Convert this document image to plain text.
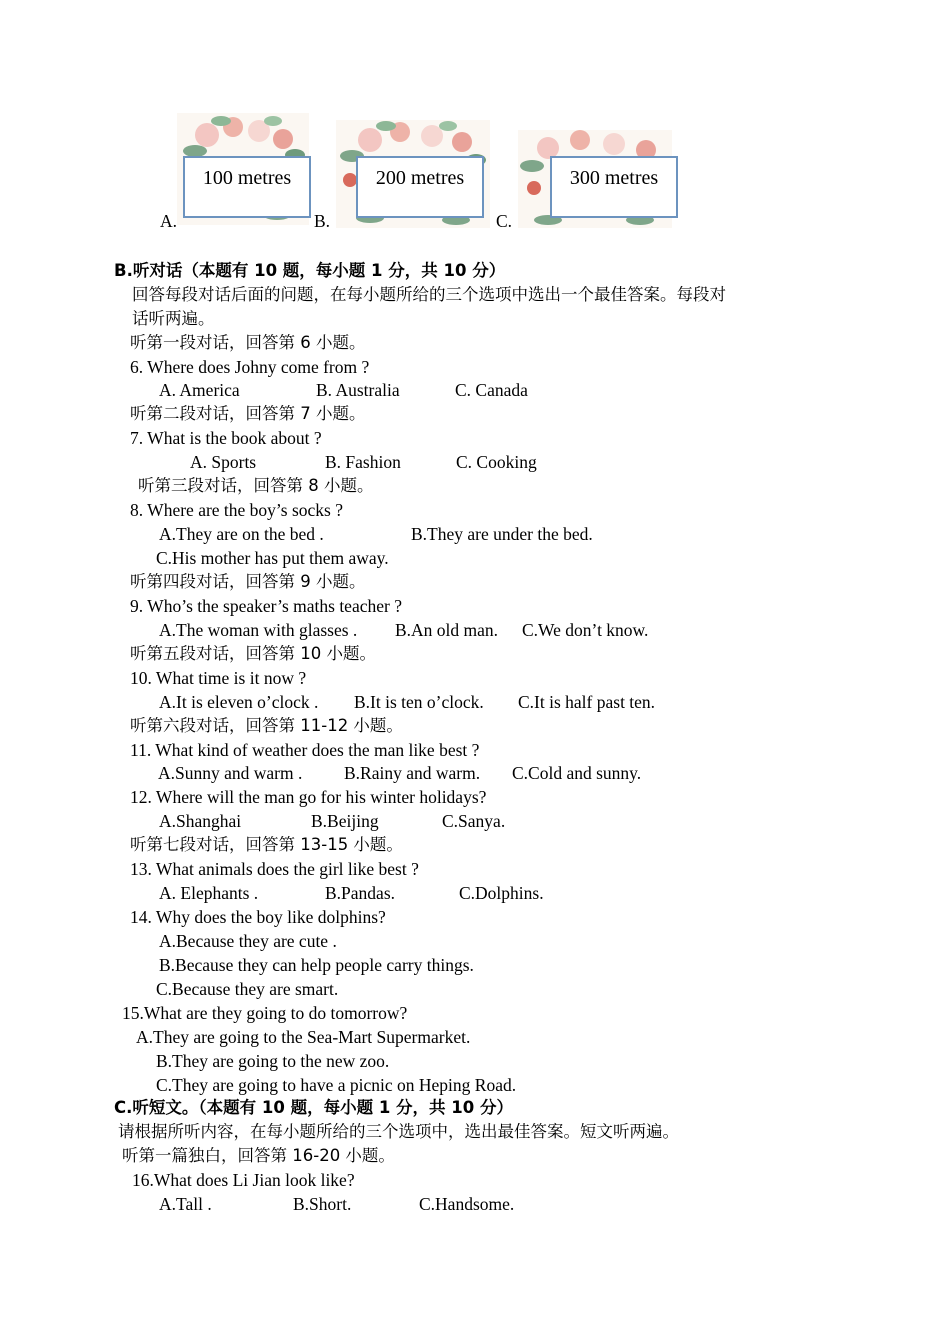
100 metres
A.
200 metres
B.
300 metres
C.
B.听对话（本题有 10 题，每小题 1 分，共 10 分）
回答每段对话后面的问题，在每小题所给的三个选项中选出一个最佳答案。每段对
话听两遍。
听第一段对话，回答第 6 小题。
6. Where does Johny come from ?
A. America	B. Australia	C. Canada
听第二段对话，回答第 7 小题。
7. What is the book about ?
A. Sports	B. Fashion	C. Cooking
听第三段对话，回答第 8 小题。
8. Where are the boy’s socks ?
A.They are on the bed .	B.They are under the bed.
C.His mother has put them away.
听第四段对话，回答第 9 小题。
9. Who’s the speaker’s maths teacher ?
A.The woman with glasses . B.An old man. C.We don’t know.
听第五段对话，回答第 10 小题。
10. What time is it now ?
A.It is eleven o’clock . B.It is ten o’clock. C.It is half past ten.
听第六段对话，回答第 11-12 小题。
11. What kind of weather does the man like best ?
A.Sunny and warm . B.Rainy and warm. C.Cold and sunny.
12. Where will the man go for his winter holidays?
A.Shanghai	B.Beijing	C.Sanya.
听第七段对话，回答第 13-15 小题。
13. What animals does the girl like best ?
A. Elephants .	B.Pandas.	C.Dolphins.
14. Why does the boy like dolphins?
A.Because they are cute .
B.Because they can help people carry things.
C.Because they are smart.
15.What are they going to do tomorrow?
A.They are going to the Sea-Mart Supermarket.
B.They are going to the new zoo.
C.They are going to have a picnic on Heping Road.
C.听短文。（本题有 10 题，每小题 1 分，共 10 分）
请根据所听内容，在每小题所给的三个选项中，选出最佳答案。短文听两遍。
听第一篇独白，回答第 16-20 小题。
16.What does Li Jian look like?
A.Tall .	B.Short.	C.Handsome.
